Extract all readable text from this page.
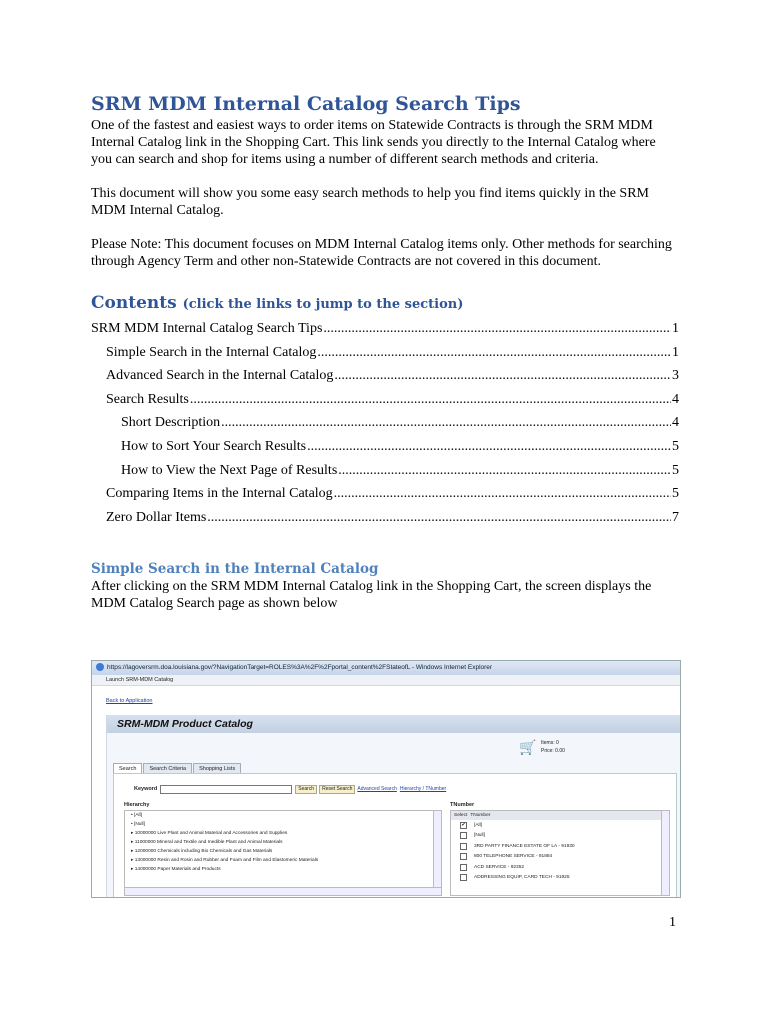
SRM MDM Internal Catalog Search Tips

One of the fastest and easiest ways to order items on Statewide Contracts is through the SRM MDM Internal Catalog link in the Shopping Cart. This link sends you directly to the Internal Catalog where you can search and shop for items using a number of different search methods and criteria.

This document will show you some easy search methods to help you find items quickly in the SRM MDM Internal Catalog.

Please Note: This document focuses on MDM Internal Catalog items only. Other methods for searching through Agency Term and other non-Statewide Contracts are not covered in this document.

Contents (click the links to jump to the section)
SRM MDM Internal Catalog Search Tips .....	1
Simple Search in the Internal Catalog .....	1
Advanced Search in the Internal Catalog .....	3
Search Results .....	4
Short Description .....	4
How to Sort Your Search Results .....	5
How to View the Next Page of Results .....	5
Comparing Items in the Internal Catalog .....	5
Zero Dollar Items .....	7
Simple Search in the Internal Catalog

After clicking on the SRM MDM Internal Catalog link in the Shopping Cart, the screen displays the MDM Catalog Search page as shown below

https://lagoversrm.doa.louisiana.gov/?NavigationTarget=ROLES%3A%2F%2Fportal_content%2FStateofL - Windows Internet Explorer
Launch SRM-MDM Catalog
Back to Application
SRM-MDM Product Catalog
🛒 Items: 0
Price: 0.00
Search	Search Criteria	Shopping Lists
Keyword	Search	Reset Search	Advanced Search Hierarchy / TNumber
Hierarchy	TNumber
• [All]
• [Null]
▸ 10000000 Live Plant and Animal Material and Accessories and Supplies
▸ 11000000 Mineral and Textile and Inedible Plant and Animal Materials
▸ 12000000 Chemicals including Bio Chemicals and Gas Materials
▸ 13000000 Resin and Rosin and Rubber and Foam and Film and Elastomeric Materials
▸ 14000000 Paper Materials and Products
Select TNumber
✔ [All]
[Null]
3RD PARTY FINANCE ESTATE OF LA - 91930
800 TELEPHONE SERVICE - 91884
ACD SERVICE - 92352
ADDRESSING EQUIP, CARD TECH - 91925
1
